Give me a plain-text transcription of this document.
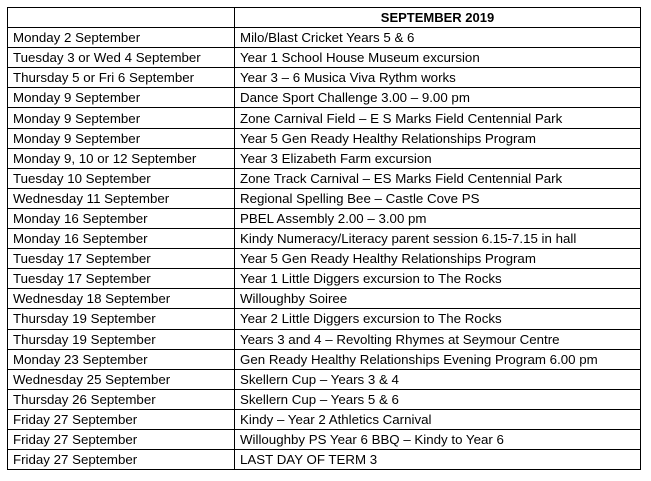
	SEPTEMBER 2019
Monday 2 September	Milo/Blast Cricket Years 5 & 6
Tuesday 3 or Wed 4 September	Year 1 School House Museum excursion
Thursday 5 or Fri 6 September	Year 3 – 6 Musica Viva Rythm works
Monday 9 September	Dance Sport Challenge 3.00 – 9.00 pm
Monday 9 September	Zone Carnival Field – E S Marks Field Centennial Park
Monday 9 September	Year 5 Gen Ready Healthy Relationships Program
Monday 9, 10 or 12 September	Year 3 Elizabeth Farm excursion
Tuesday 10 September	Zone Track Carnival – ES Marks Field Centennial Park
Wednesday 11 September	Regional Spelling Bee – Castle Cove PS
Monday 16 September	PBEL Assembly 2.00 – 3.00 pm
Monday 16 September	Kindy Numeracy/Literacy parent session 6.15-7.15 in hall
Tuesday 17 September	Year 5 Gen Ready Healthy Relationships Program
Tuesday 17 September	Year 1 Little Diggers excursion to The Rocks
Wednesday 18 September	Willoughby Soiree
Thursday 19 September	Year 2 Little Diggers excursion to The Rocks
Thursday 19 September	Years 3 and 4 – Revolting Rhymes at Seymour Centre
Monday 23 September	Gen Ready Healthy Relationships Evening Program 6.00 pm
Wednesday 25 September	Skellern Cup – Years 3 & 4
Thursday 26 September	Skellern Cup – Years 5 & 6
Friday 27 September	Kindy – Year 2 Athletics Carnival
Friday 27 September	Willoughby PS Year 6 BBQ – Kindy to Year 6
Friday 27 September	LAST DAY OF TERM 3
